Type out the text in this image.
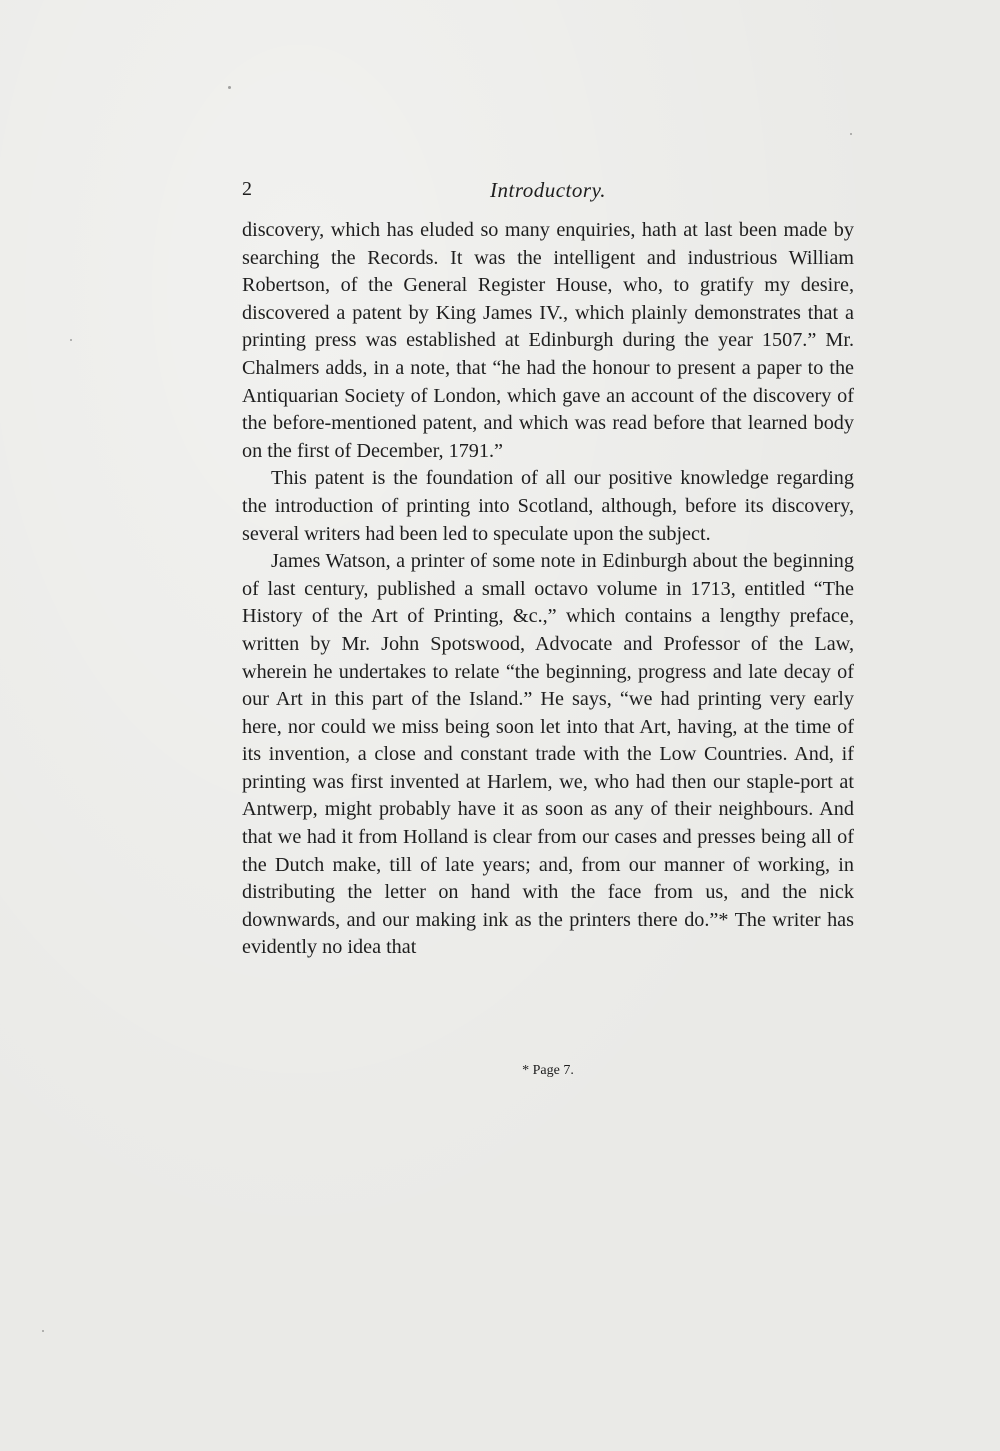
2	Introductory.

discovery, which has eluded so many enquiries, hath at last been made by searching the Records. It was the intelligent and industrious William Robertson, of the General Register House, who, to gratify my desire, discovered a patent by King James IV., which plainly demonstrates that a printing press was established at Edinburgh during the year 1507.” Mr. Chalmers adds, in a note, that “he had the honour to present a paper to the Antiquarian Society of London, which gave an account of the discovery of the before-mentioned patent, and which was read before that learned body on the first of December, 1791.”

This patent is the foundation of all our positive knowledge regarding the introduction of printing into Scotland, although, before its discovery, several writers had been led to speculate upon the subject.

James Watson, a printer of some note in Edinburgh about the beginning of last century, published a small octavo volume in 1713, entitled “The History of the Art of Printing, &c.,” which contains a lengthy preface, written by Mr. John Spotswood, Advocate and Professor of the Law, wherein he undertakes to relate “the beginning, progress and late decay of our Art in this part of the Island.” He says, “we had printing very early here, nor could we miss being soon let into that Art, having, at the time of its invention, a close and constant trade with the Low Countries. And, if printing was first invented at Harlem, we, who had then our staple-port at Antwerp, might probably have it as soon as any of their neighbours. And that we had it from Holland is clear from our cases and presses being all of the Dutch make, till of late years; and, from our manner of working, in distributing the letter on hand with the face from us, and the nick downwards, and our making ink as the printers there do.”* The writer has evidently no idea that

* Page 7.
